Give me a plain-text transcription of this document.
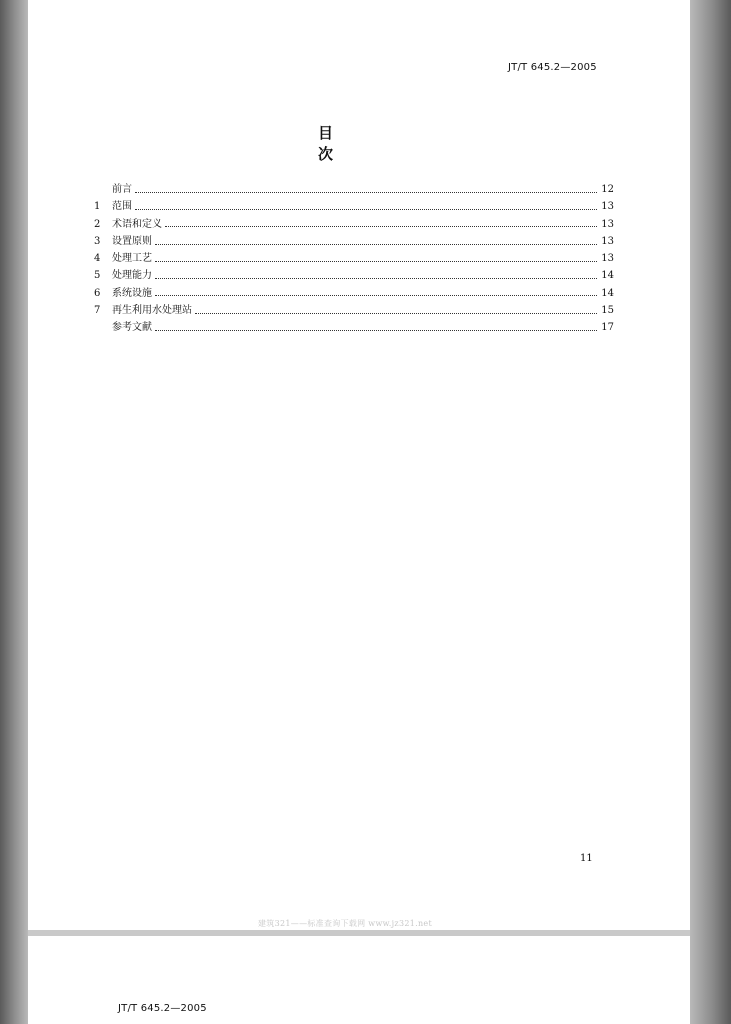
JT/T 645.2—2005
目 次
前言	12
1	范围	13
2	术语和定义	13
3	设置原则	13
4	处理工艺	13
5	处理能力	14
6	系统设施	14
7	再生利用水处理站	15
参考文献	17
11
建筑321——标准查询下载网 www.jz321.net
JT/T 645.2—2005
